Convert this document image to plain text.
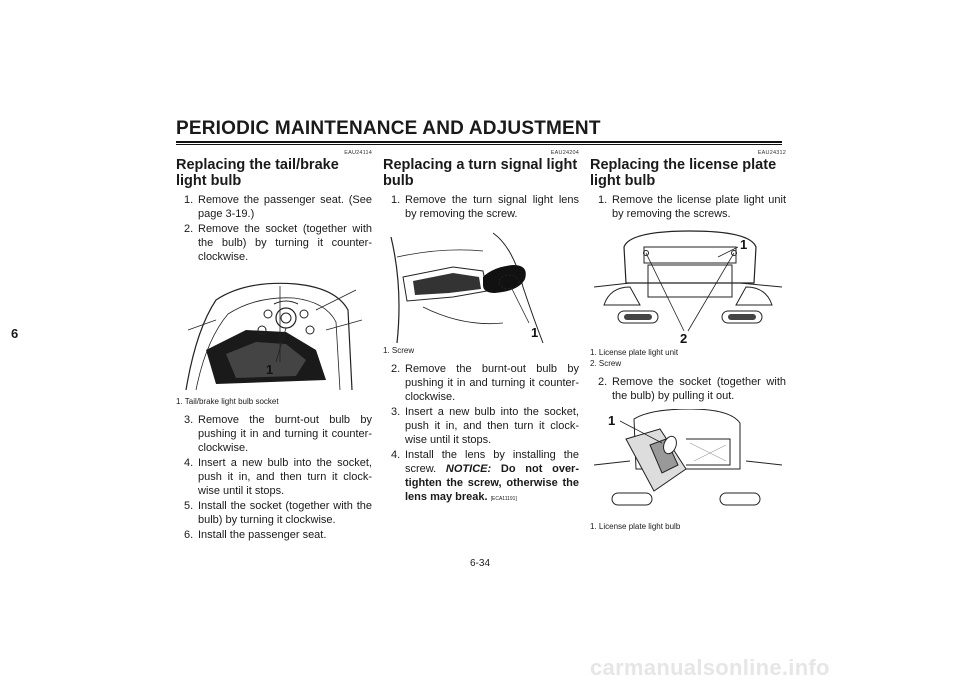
PERIODIC MAINTENANCE AND ADJUSTMENT
6
EAU24114
Replacing the tail/brake light bulb
1. Remove the passenger seat. (See page 3-19.)
2. Remove the socket (together with the bulb) by turning it counter-clockwise.
1
1. Tail/brake light bulb socket
3. Remove the burnt-out bulb by pushing it in and turning it counter-clockwise.
4. Insert a new bulb into the socket, push it in, and then turn it clock-wise until it stops.
5. Install the socket (together with the bulb) by turning it clockwise.
6. Install the passenger seat.
EAU24204
Replacing a turn signal light bulb
1. Remove the turn signal light lens by removing the screw.
1
1. Screw
2. Remove the burnt-out bulb by pushing it in and turning it counter-clockwise.
3. Insert a new bulb into the socket, push it in, and then turn it clock-wise until it stops.
4. Install the lens by installing the screw. NOTICE: Do not over-tighten the screw, otherwise the lens may break. [ECA11191]
EAU24312
Replacing the license plate light bulb
1. Remove the license plate light unit by removing the screws.
1
2
1. License plate light unit
2. Screw
2. Remove the socket (together with the bulb) by pulling it out.
1
1. License plate light bulb
6-34
carmanualsonline.info
